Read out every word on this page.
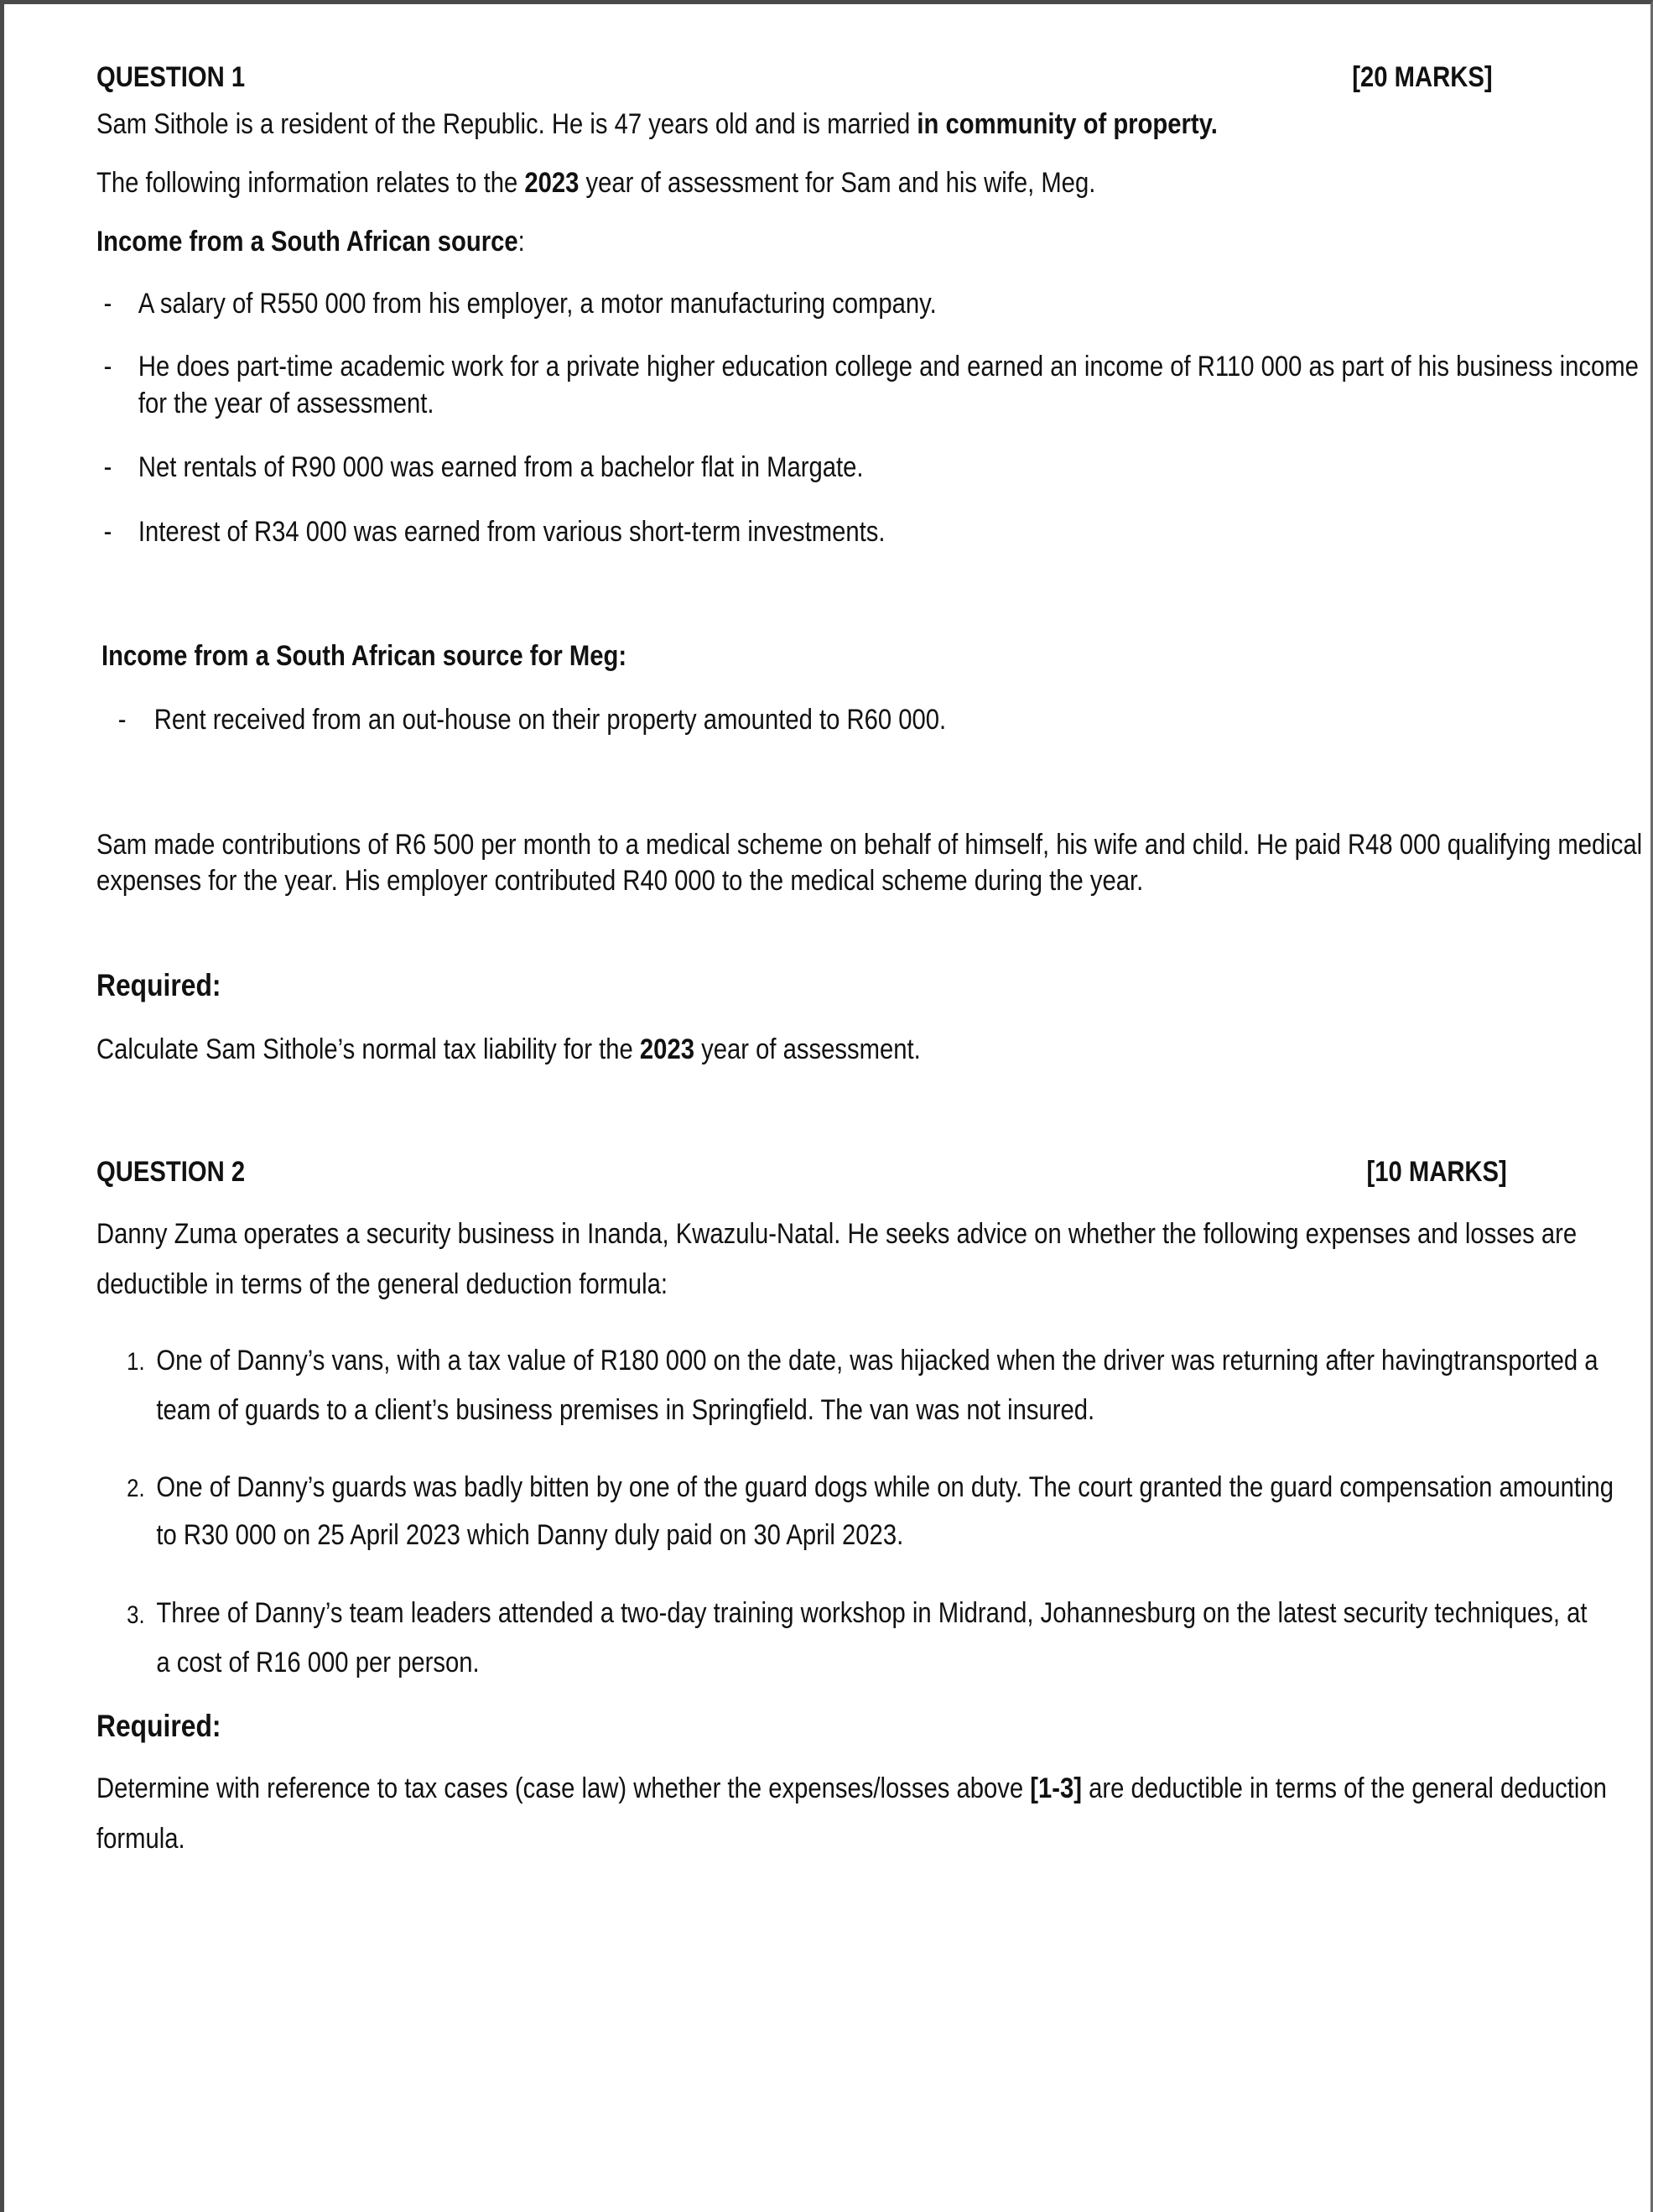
QUESTION 1	[20 MARKS]
Sam Sithole is a resident of the Republic. He is 47 years old and is married in community of property.
The following information relates to the 2023 year of assessment for Sam and his wife, Meg.
Income from a South African source:
- A salary of R550 000 from his employer, a motor manufacturing company.
- He does part-time academic work for a private higher education college and earned an income of R110 000 as part of his business income
for the year of assessment.
- Net rentals of R90 000 was earned from a bachelor flat in Margate.
- Interest of R34 000 was earned from various short-term investments.
Income from a South African source for Meg:
- Rent received from an out-house on their property amounted to R60 000.
Sam made contributions of R6 500 per month to a medical scheme on behalf of himself, his wife and child. He paid R48 000 qualifying medical
expenses for the year. His employer contributed R40 000 to the medical scheme during the year.
Required:
Calculate Sam Sithole’s normal tax liability for the 2023 year of assessment.
QUESTION 2	[10 MARKS]
Danny Zuma operates a security business in Inanda, Kwazulu-Natal. He seeks advice on whether the following expenses and losses are
deductible in terms of the general deduction formula:
1. One of Danny’s vans, with a tax value of R180 000 on the date, was hijacked when the driver was returning after havingtransported a
team of guards to a client’s business premises in Springfield. The van was not insured.
2. One of Danny’s guards was badly bitten by one of the guard dogs while on duty. The court granted the guard compensation amounting
to R30 000 on 25 April 2023 which Danny duly paid on 30 April 2023.
3. Three of Danny’s team leaders attended a two-day training workshop in Midrand, Johannesburg on the latest security techniques, at
a cost of R16 000 per person.
Required:
Determine with reference to tax cases (case law) whether the expenses/losses above [1-3] are deductible in terms of the general deduction
formula.
